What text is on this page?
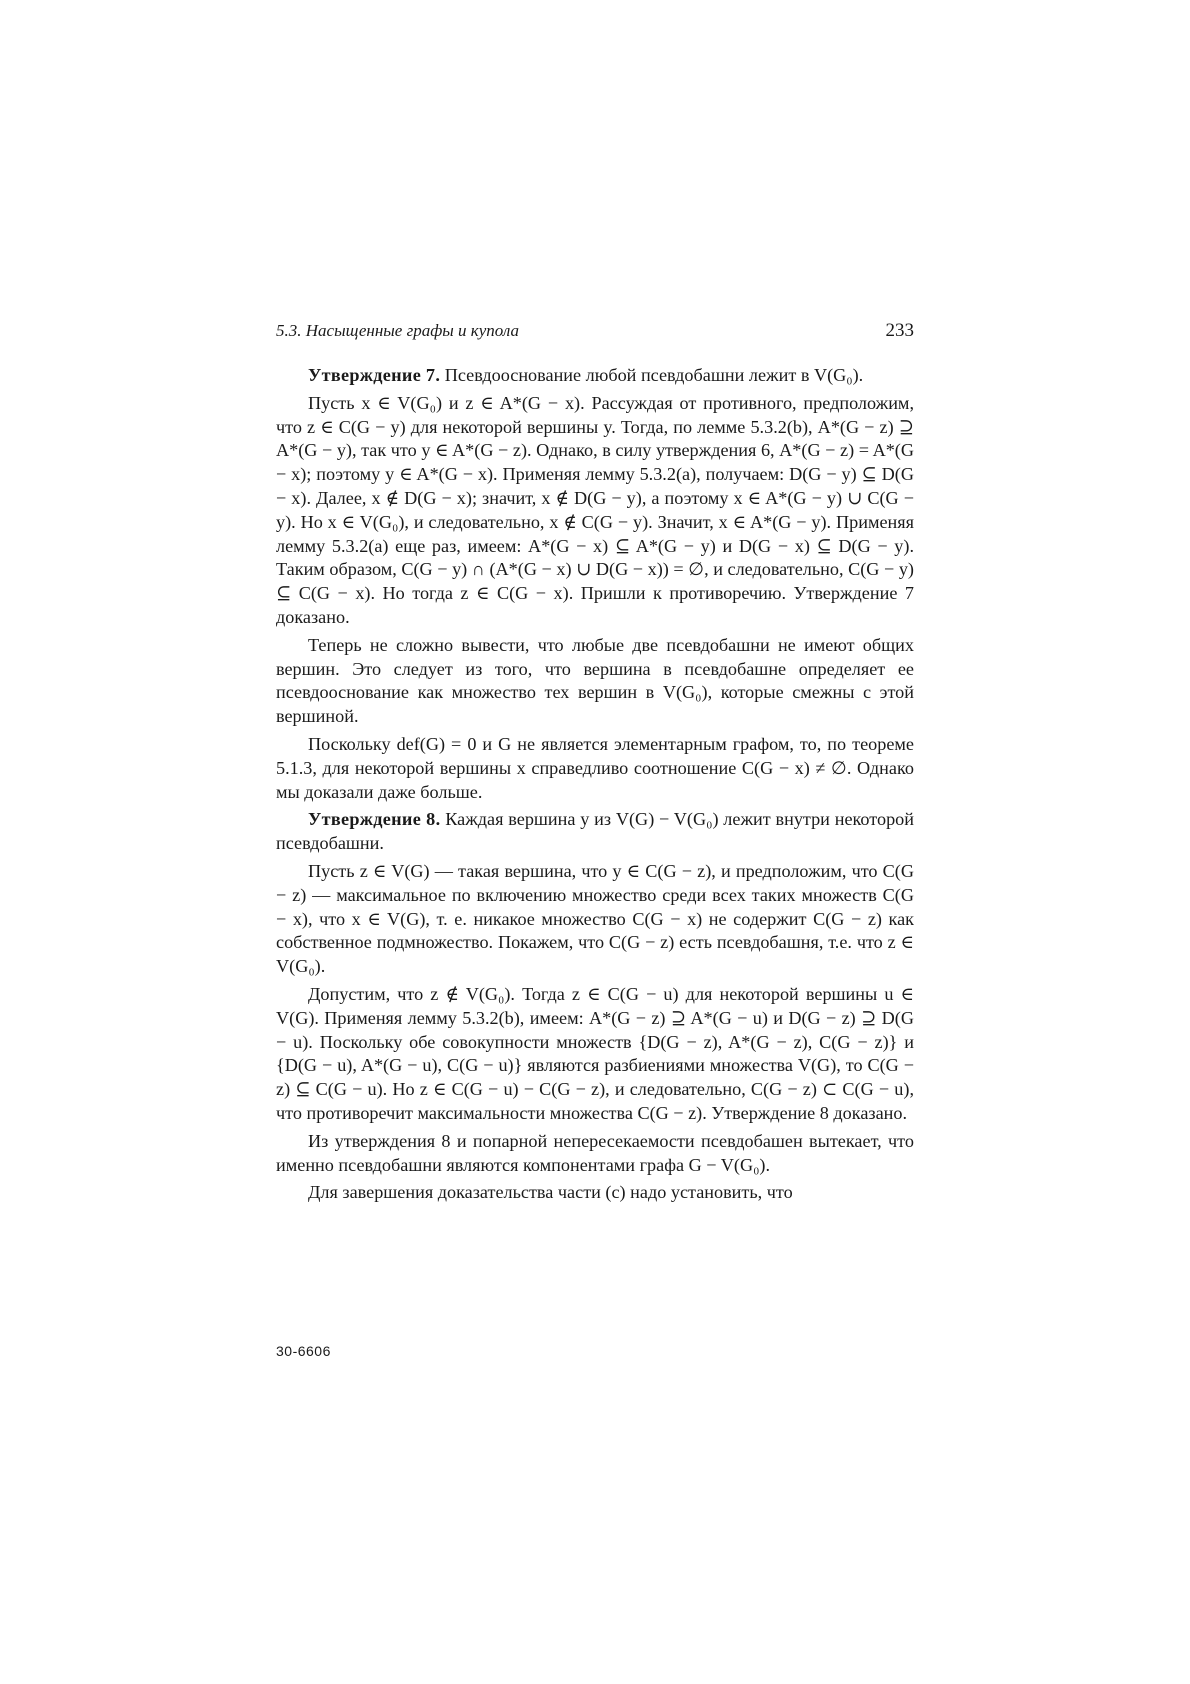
5.3. Насыщенные графы и купола	233

Утверждение 7. Псевдооснование любой псевдобашни лежит в V(G₀).

Пусть x ∈ V(G₀) и z ∈ A*(G − x). Рассуждая от противного, предположим, что z ∈ C(G − y) для некоторой вершины y. Тогда, по лемме 5.3.2(b), A*(G − z) ⊇ A*(G − y), так что y ∈ A*(G − z). Однако, в силу утверждения 6, A*(G − z) = A*(G − x); поэтому y ∈ A*(G − x). Применяя лемму 5.3.2(a), получаем: D(G − y) ⊆ D(G − x). Далее, x ∉ D(G − x); значит, x ∉ D(G − y), а поэтому x ∈ A*(G − y) ∪ C(G − y). Но x ∈ V(G₀), и следовательно, x ∉ C(G − y). Значит, x ∈ A*(G − y). Применяя лемму 5.3.2(a) еще раз, имеем: A*(G − x) ⊆ A*(G − y) и D(G − x) ⊆ D(G − y). Таким образом, C(G − y) ∩ (A*(G − x) ∪ D(G − x)) = ∅, и следовательно, C(G − y) ⊆ C(G − x). Но тогда z ∈ C(G − x). Пришли к противоречию. Утверждение 7 доказано.

Теперь не сложно вывести, что любые две псевдобашни не имеют общих вершин. Это следует из того, что вершина в псевдобашне определяет ее псевдооснование как множество тех вершин в V(G₀), которые смежны с этой вершиной.

Поскольку def(G) = 0 и G не является элементарным графом, то, по теореме 5.1.3, для некоторой вершины x справедливо соотношение C(G − x) ≠ ∅. Однако мы доказали даже больше.

Утверждение 8. Каждая вершина y из V(G) − V(G₀) лежит внутри некоторой псевдобашни.

Пусть z ∈ V(G) — такая вершина, что y ∈ C(G − z), и предположим, что C(G − z) — максимальное по включению множество среди всех таких множеств C(G − x), что x ∈ V(G), т. е. никакое множество C(G − x) не содержит C(G − z) как собственное подмножество. Покажем, что C(G − z) есть псевдобашня, т.е. что z ∈ V(G₀).

Допустим, что z ∉ V(G₀). Тогда z ∈ C(G − u) для некоторой вершины u ∈ V(G). Применяя лемму 5.3.2(b), имеем: A*(G − z) ⊇ A*(G − u) и D(G − z) ⊇ D(G − u). Поскольку обе совокупности множеств {D(G − z), A*(G − z), C(G − z)} и {D(G − u), A*(G − u), C(G − u)} являются разбиениями множества V(G), то C(G − z) ⊆ C(G − u). Но z ∈ C(G − u) − C(G − z), и следовательно, C(G − z) ⊂ C(G − u), что противоречит максимальности множества C(G − z). Утверждение 8 доказано.

Из утверждения 8 и попарной непересекаемости псевдобашен вытекает, что именно псевдобашни являются компонентами графа G − V(G₀).

Для завершения доказательства части (c) надо установить, что

30-6606
